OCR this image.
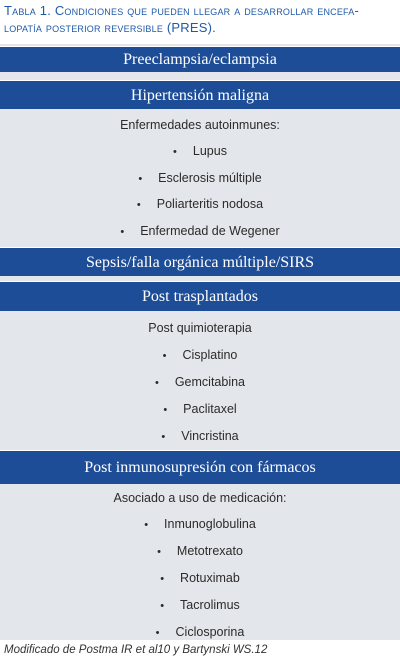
Tabla 1. Condiciones que pueden llegar a desarrollar encefa-
lopatía posterior reversible (PRES).
Preeclampsia/eclampsia
Hipertensión maligna
Enfermedades autoinmunes:
• Lupus
• Esclerosis múltiple
• Poliarteritis nodosa
• Enfermedad de Wegener
Sepsis/falla orgánica múltiple/SIRS
Post trasplantados
Post quimioterapia
• Cisplatino
• Gemcitabina
• Paclitaxel
• Vincristina
Post inmunosupresión con fármacos
Asociado a uso de medicación:
• Inmunoglobulina
• Metotrexato
• Rotuximab
• Tacrolimus
• Ciclosporina
Modificado de Postma IR et al10 y Bartynski WS.12
